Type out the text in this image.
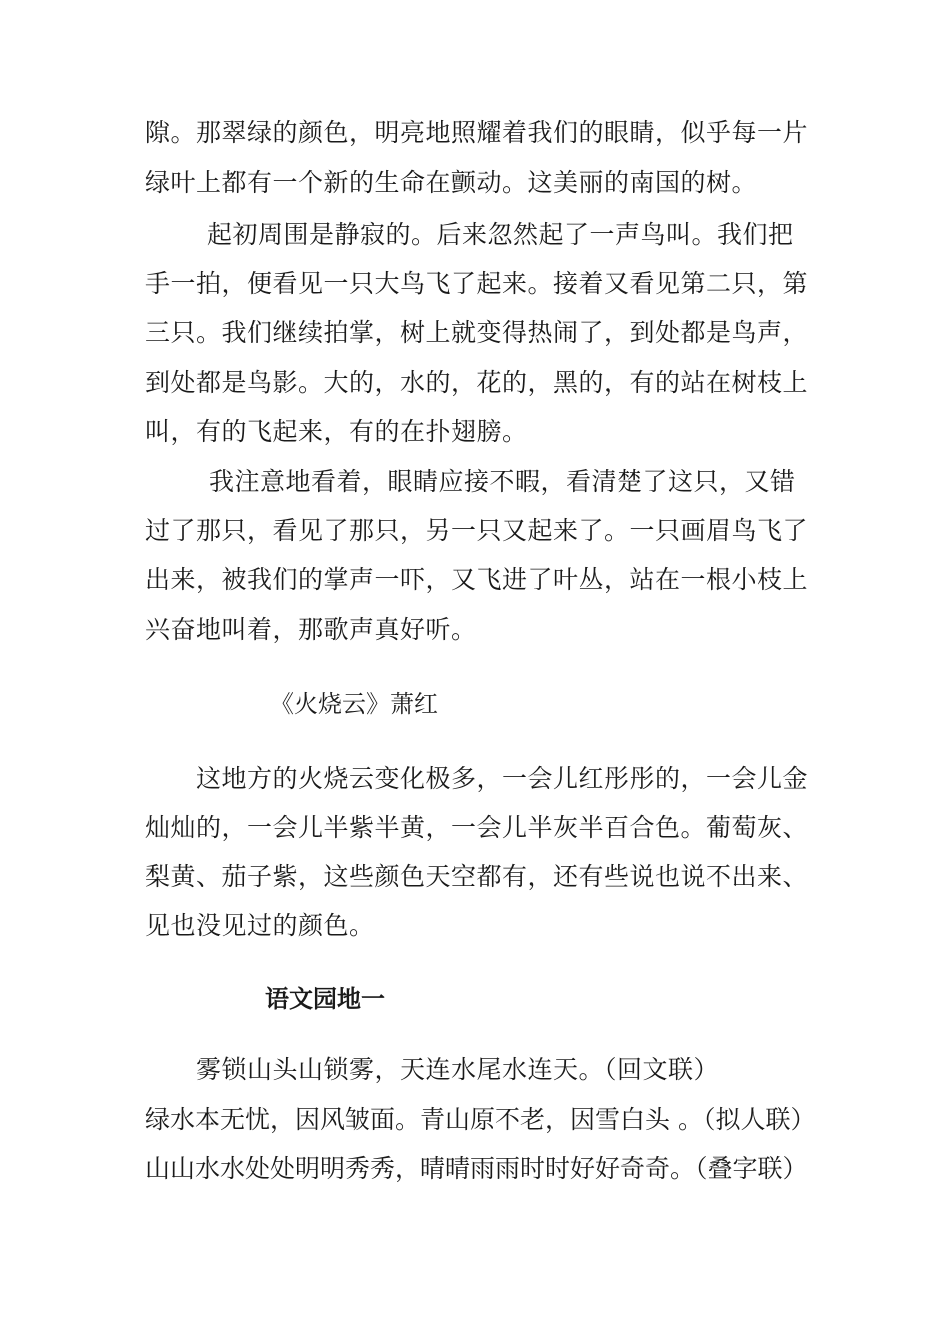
隙。那翠绿的颜色，明亮地照耀着我们的眼睛，似乎每一片
绿叶上都有一个新的生命在颤动。这美丽的南国的树。
起初周围是静寂的。后来忽然起了一声鸟叫。我们把
手一拍，便看见一只大鸟飞了起来。接着又看见第二只，第
三只。我们继续拍掌，树上就变得热闹了，到处都是鸟声，
到处都是鸟影。大的，水的，花的，黑的，有的站在树枝上
叫，有的飞起来，有的在扑翅膀。
我注意地看着，眼睛应接不暇，看清楚了这只，又错
过了那只，看见了那只，另一只又起来了。一只画眉鸟飞了
出来，被我们的掌声一吓，又飞进了叶丛，站在一根小枝上
兴奋地叫着，那歌声真好听。
《火烧云》萧红
这地方的火烧云变化极多，一会儿红彤彤的，一会儿金
灿灿的，一会儿半紫半黄，一会儿半灰半百合色。葡萄灰、
梨黄、茄子紫，这些颜色天空都有，还有些说也说不出来、
见也没见过的颜色。
语文园地一
雾锁山头山锁雾，天连水尾水连天。（回文联）
绿水本无忧，因风皱面。青山原不老，因雪白头 。（拟人联）
山山水水处处明明秀秀，晴晴雨雨时时好好奇奇。（叠字联）
